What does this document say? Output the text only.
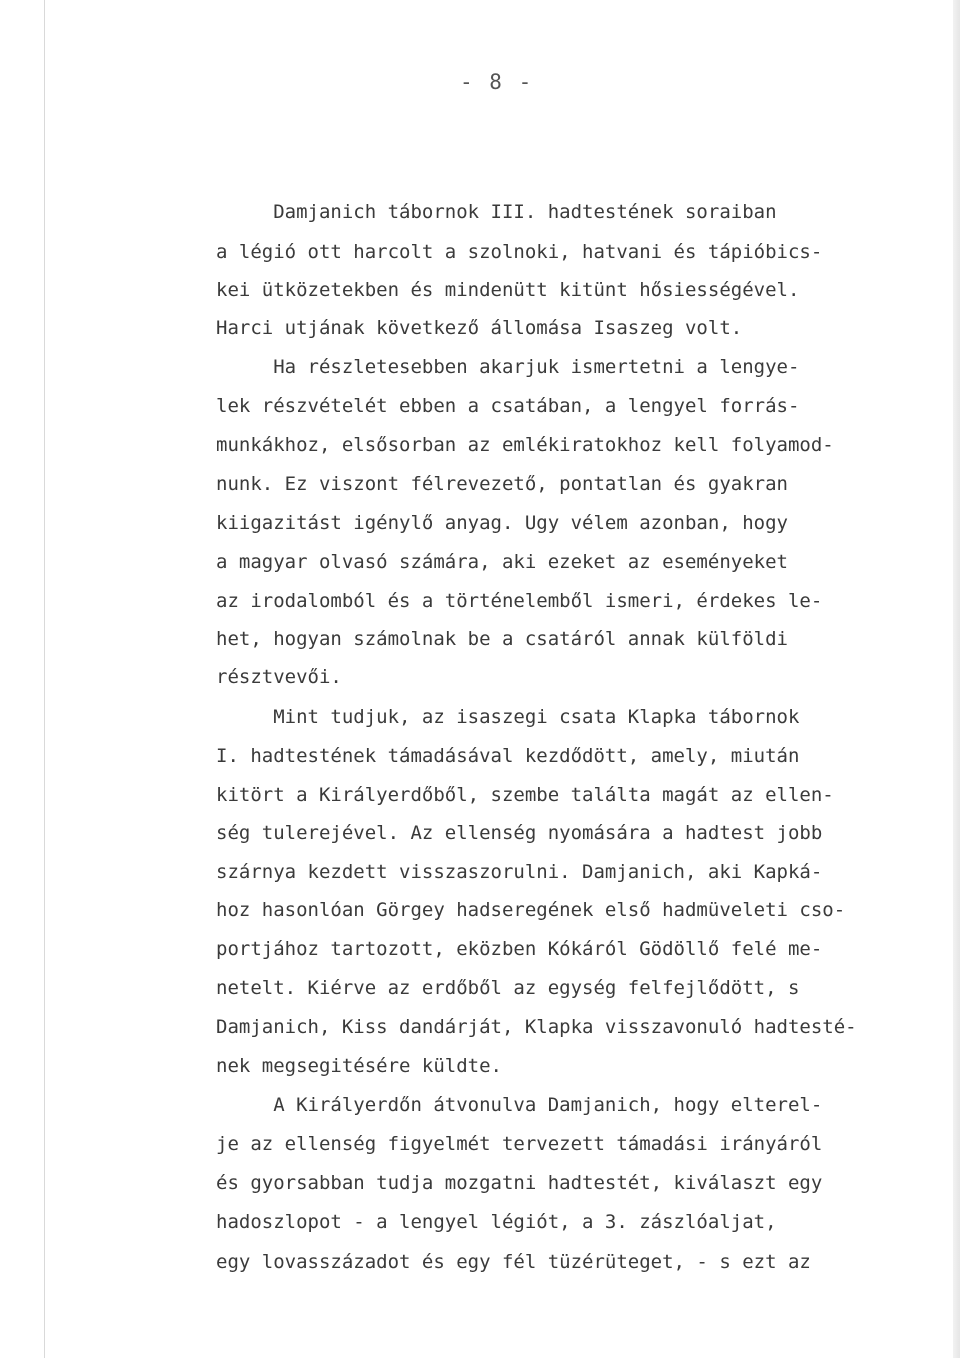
- 8 -
Damjanich tábornok III. hadtestének soraiban
a légió ott harcolt a szolnoki, hatvani és tápióbics-
kei ütközetekben és mindenütt kitünt hősiességével.
Harci utjának következő állomása Isaszeg volt.
Ha részletesebben akarjuk ismertetni a lengye-
lek részvételét ebben a csatában, a lengyel forrás-
munkákhoz, elsősorban az emlékiratokhoz kell folyamod-
nunk. Ez viszont félrevezető, pontatlan és gyakran
kiigazitást igénylő anyag. Ugy vélem azonban, hogy
a magyar olvasó számára, aki ezeket az eseményeket
az irodalomból és a történelemből ismeri, érdekes le-
het, hogyan számolnak be a csatáról annak külföldi
résztvevői.
Mint tudjuk, az isaszegi csata Klapka tábornok
I. hadtestének támadásával kezdődött, amely, miután
kitört a Királyerdőből, szembe találta magát az ellen-
ség tulerejével. Az ellenség nyomására a hadtest jobb
szárnya kezdett visszaszorulni. Damjanich, aki Kapká-
hoz hasonlóan Görgey hadseregének első hadmüveleti cso-
portjához tartozott, eközben Kókáról Gödöllő felé me-
netelt. Kiérve az erdőből az egység felfejlődött, s
Damjanich, Kiss dandárját, Klapka visszavonuló hadtesté-
nek megsegitésére küldte.
A Királyerdőn átvonulva Damjanich, hogy elterel-
je az ellenség figyelmét tervezett támadási irányáról
és gyorsabban tudja mozgatni hadtestét, kiválaszt egy
hadoszlopot - a lengyel légiót, a 3. zászlóaljat,
egy lovasszázadot és egy fél tüzérüteget, - s ezt az
